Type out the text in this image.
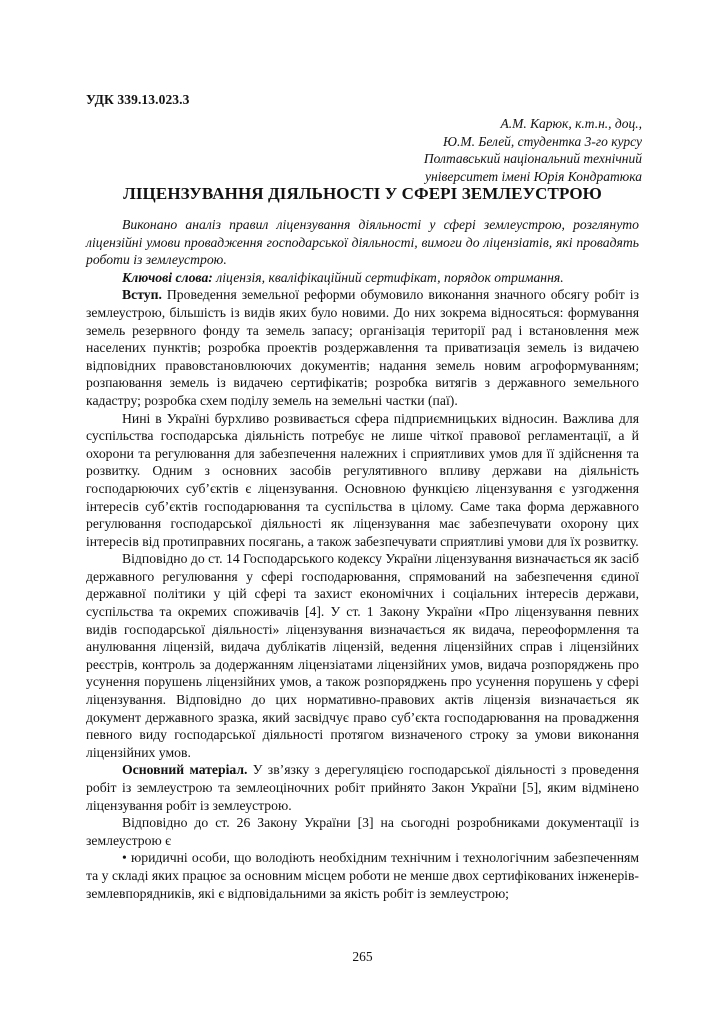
УДК 339.13.023.3
А.М. Карюк, к.т.н., доц.,
Ю.М. Белей, студентка 3-го курсу
Полтавський національний технічний
університет імені Юрія Кондратюка
ЛІЦЕНЗУВАННЯ ДІЯЛЬНОСТІ У СФЕРІ ЗЕМЛЕУСТРОЮ

Виконано аналіз правил ліцензування діяльності у сфері землеустрою, розглянуто ліцензійні умови провадження господарської діяльності, вимоги до ліцензіатів, які провадять роботи із землеустрою.

Ключові слова: ліцензія, кваліфікаційний сертифікат, порядок отримання.

Вступ. Проведення земельної реформи обумовило виконання значного обсягу робіт із землеустрою, більшість із видів яких було новими. До них зокрема відносяться: формування земель резервного фонду та земель запасу; організація території рад і встановлення меж населених пунктів; розробка проектів роздержавлення та приватизація земель із видачею відповідних правовстановлюючих документів; надання земель новим агроформуванням; розпаювання земель із видачею сертифікатів; розробка витягів з державного земельного кадастру; розробка схем поділу земель на земельні частки (паї).

Нині в Україні бурхливо розвивається сфера підприємницьких відносин. Важлива для суспільства господарська діяльність потребує не лише чіткої правової регламентації, а й охорони та регулювання для забезпечення належних і сприятливих умов для її здійснення та розвитку. Одним з основних засобів регулятивного впливу держави на діяльність господарюючих суб’єктів є ліцензування. Основною функцією ліцензування є узгодження інтересів суб’єктів господарювання та суспільства в цілому. Саме така форма державного регулювання господарської діяльності як ліцензування має забезпечувати охорону цих інтересів від протиправних посягань, а також забезпечувати сприятливі умови для їх розвитку.

Відповідно до ст. 14 Господарського кодексу України ліцензування визначається як засіб державного регулювання у сфері господарювання, спрямований на забезпечення єдиної державної політики у цій сфері та захист економічних і соціальних інтересів держави, суспільства та окремих споживачів [4]. У ст. 1 Закону України «Про ліцензування певних видів господарської діяльності» ліцензування визначається як видача, переоформлення та анулювання ліцензій, видача дублікатів ліцензій, ведення ліцензійних справ і ліцензійних реєстрів, контроль за додержанням ліцензіатами ліцензійних умов, видача розпоряджень про усунення порушень ліцензійних умов, а також розпоряджень про усунення порушень у сфері ліцензування. Відповідно до цих нормативно-правових актів ліцензія визначається як документ державного зразка, який засвідчує право суб’єкта господарювання на провадження певного виду господарської діяльності протягом визначеного строку за умови виконання ліцензійних умов.

Основний матеріал. У зв’язку з дерегуляцією господарської діяльності з проведення робіт із землеустрою та землеоціночних робіт прийнято Закон України [5], яким відмінено ліцензування робіт із землеустрою.

Відповідно до ст. 26 Закону України [3] на сьогодні розробниками документації із землеустрою є

• юридичні особи, що володіють необхідним технічним і технологічним забезпеченням та у складі яких працює за основним місцем роботи не менше двох сертифікованих інженерів-землевпорядників, які є відповідальними за якість робіт із землеустрою;

265
